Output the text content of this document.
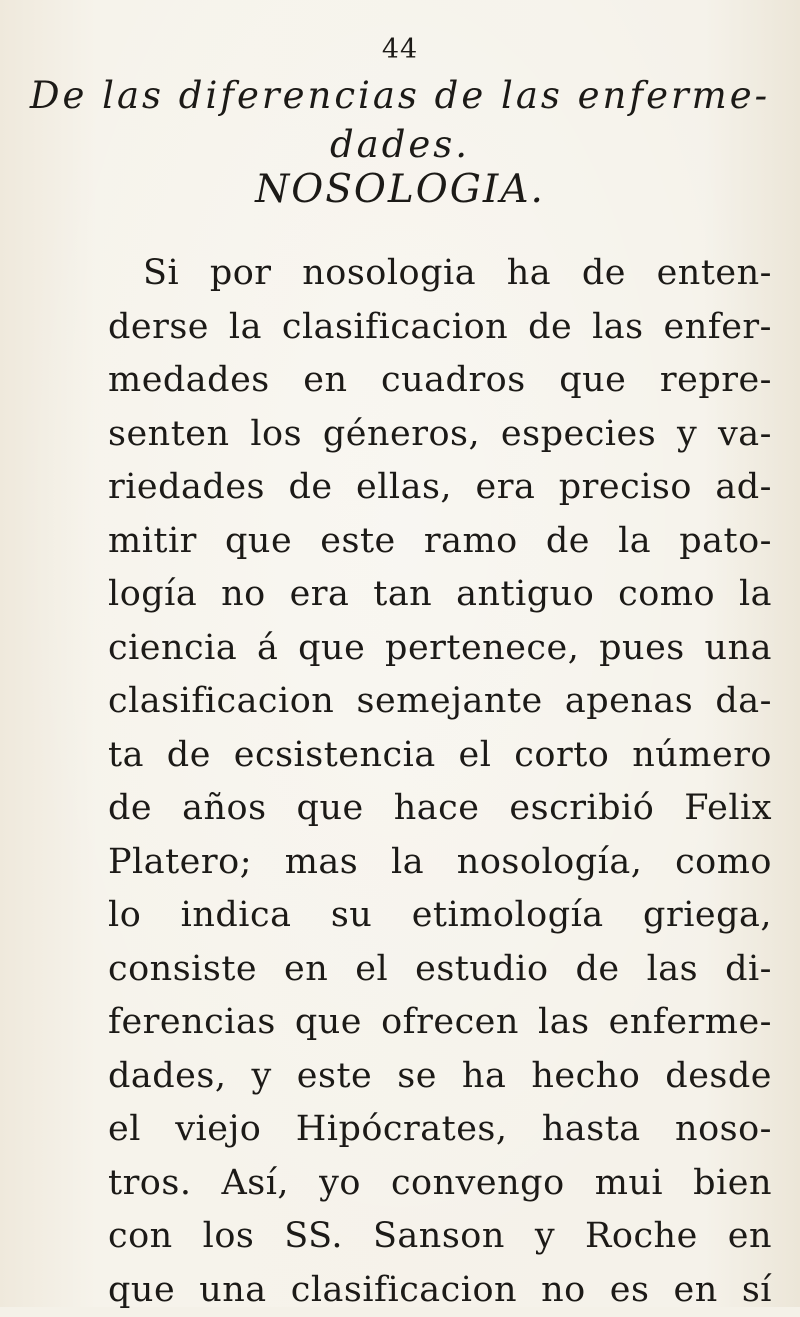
44
De las diferencias de las enferme-
dades.
NOSOLOGIA.
Si por nosologia ha de enten-
derse la clasificacion de las enfer-
medades en cuadros que repre-
senten los géneros, especies y va-
riedades de ellas, era preciso ad-
mitir que este ramo de la pato-
logía no era tan antiguo como la
ciencia á que pertenece, pues una
clasificacion semejante apenas da-
ta de ecsistencia el corto número
de años que hace escribió Felix
Platero; mas la nosología, como
lo indica su etimología griega,
consiste en el estudio de las di-
ferencias que ofrecen las enferme-
dades, y este se ha hecho desde
el viejo Hipócrates, hasta noso-
tros. Así, yo convengo mui bien
con los SS. Sanson y Roche en
que una clasificacion no es en sí
